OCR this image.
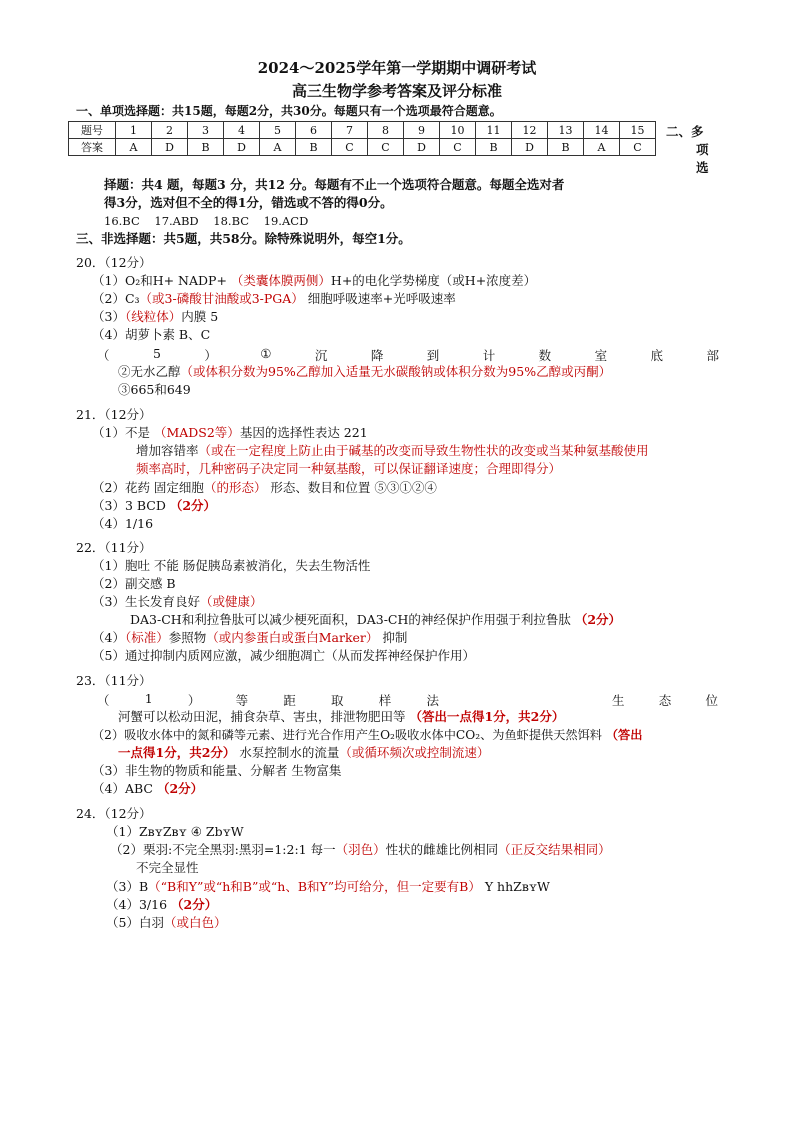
2024～2025学年第一学期期中调研考试
高三生物学参考答案及评分标准
一、单项选择题：共15题，每题2分，共30分。每题只有一个选项最符合题意。
题号	1	2	3	4	5	6	7	8	9	10	11	12	13	14	15
答案	A	D	B	D	A	B	C	C	D	C	B	D	B	A	C
二、多
项
选
择题：共4 题，每题3 分，共12 分。每题有不止一个选项符合题意。每题全选对者
得3分，选对但不全的得1分，错选或不答的得0分。
16.BC 17.ABD 18.BC 19.ACD
三、非选择题：共5题，共58分。除特殊说明外，每空1分。
20．（12分）
（1）O₂和H+ NADP+ （类囊体膜两侧）H+的电化学势梯度（或H+浓度差）
（2）C₃（或3-磷酸甘油酸或3-PGA） 细胞呼吸速率+光呼吸速率
（3）（线粒体）内膜 5
（4）胡萝卜素 B、C
（	5	）	①	沉	降	到	计	数	室	底	部
②无水乙醇（或体积分数为95%乙醇加入适量无水碳酸钠或体积分数为95%乙醇或丙酮）
③665和649
21．（12分）
（1）不是 （MADS2等）基因的选择性表达 221
增加容错率（或在一定程度上防止由于碱基的改变而导致生物性状的改变或当某种氨基酸使用
频率高时，几种密码子决定同一种氨基酸，可以保证翻译速度；合理即得分）
（2）花药 固定细胞（的形态） 形态、数目和位置 ⑤③①②④
（3）3 BCD （2分）
（4）1/16
22．（11分）
（1）胞吐 不能 肠促胰岛素被消化，失去生物活性
（2）副交感 B
（3）生长发育良好（或健康）
DA3-CH和利拉鲁肽可以减少梗死面积，DA3-CH的神经保护作用强于利拉鲁肽 （2分）
（4）（标准）参照物（或内参蛋白或蛋白Marker） 抑制
（5）通过抑制内质网应激，减少细胞凋亡（从而发挥神经保护作用）
23．（11分）
（	1	）	等	距	取	样	法	生	态	位
河蟹可以松动田泥，捕食杂草、害虫，排泄物肥田等 （答出一点得1分，共2分）
（2）吸收水体中的氮和磷等元素、进行光合作用产生O₂吸收水体中CO₂、为鱼虾提供天然饵料 （答出
一点得1分，共2分） 水泵控制水的流量（或循环频次或控制流速）
（3）非生物的物质和能量、分解者 生物富集
（4）ABC （2分）
24．（12分）
（1）ZʙʏZʙʏ ④ ZbʏW
（2）栗羽:不完全黑羽:黑羽=1:2:1 每一（羽色）性状的雌雄比例相同（正反交结果相同）
不完全显性
（3）B（“B和Y”或“h和B”或“h、B和Y”均可给分，但一定要有B） Y hhZʙʏW
（4）3/16 （2分）
（5）白羽（或白色）
